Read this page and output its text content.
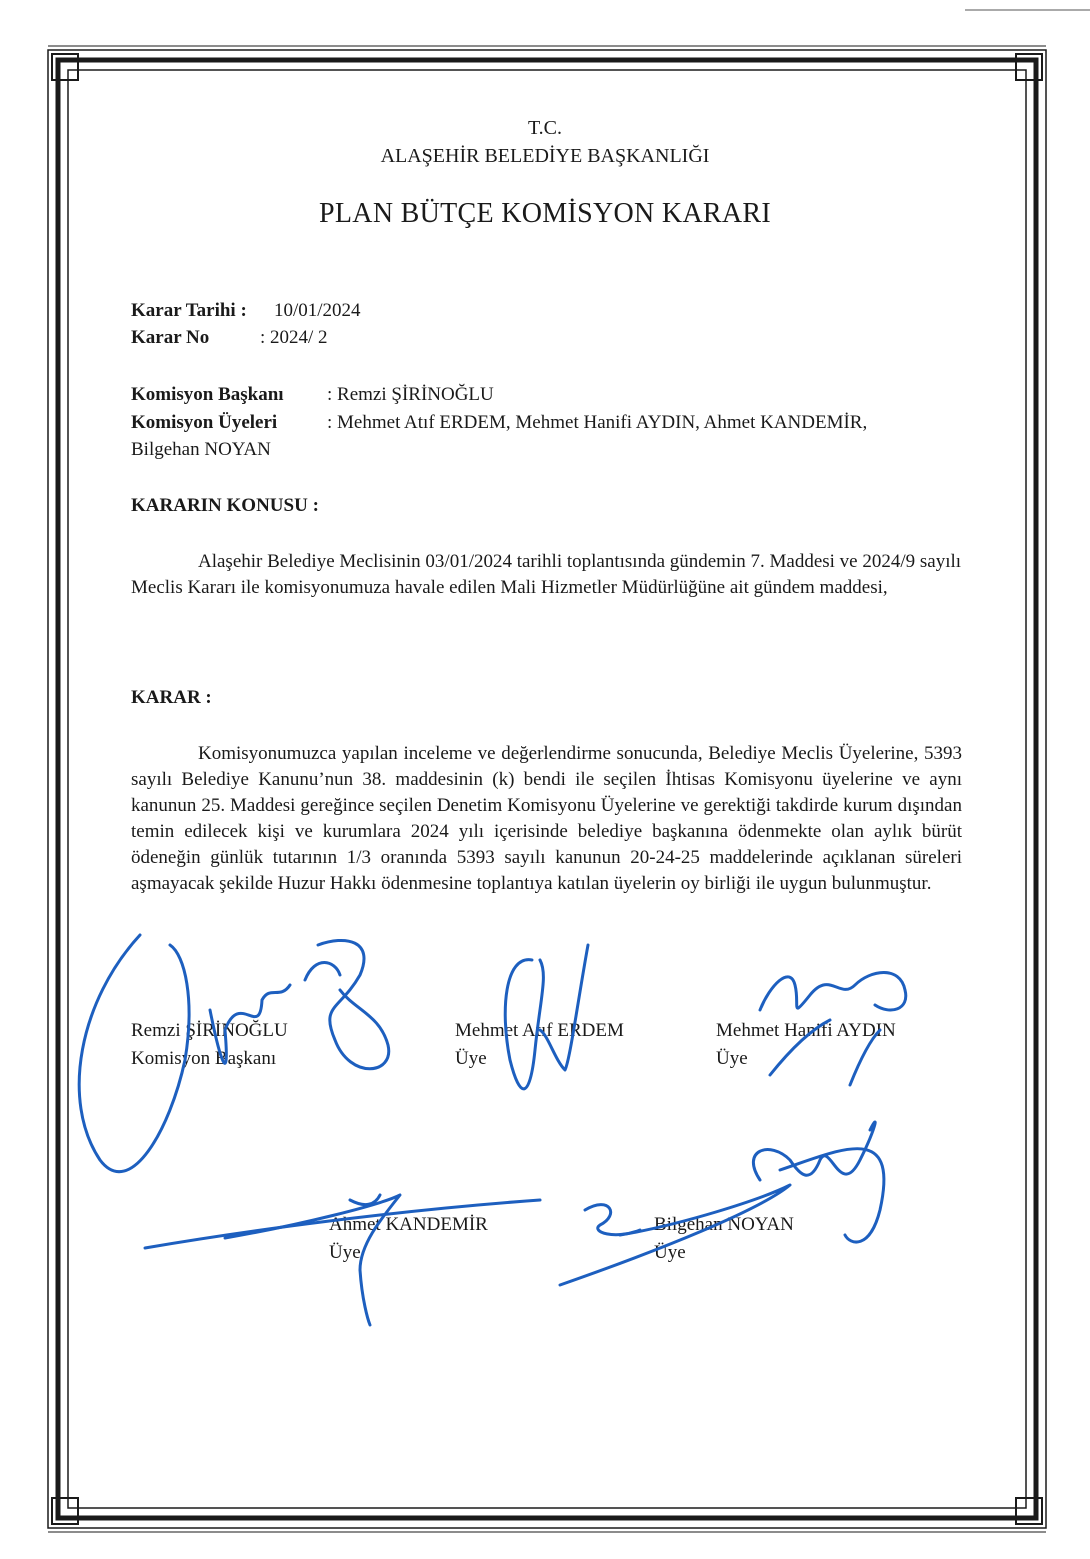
T.C.
ALAŞEHİR BELEDİYE BAŞKANLIĞI
PLAN BÜTÇE KOMİSYON KARARI
Karar Tarihi : 10/01/2024
Karar No	: 2024/ 2
Komisyon Başkanı : Remzi ŞİRİNOĞLU
Komisyon Üyeleri	: Mehmet Atıf ERDEM, Mehmet Hanifi AYDIN, Ahmet KANDEMİR,
Bilgehan NOYAN
KARARIN KONUSU :
Alaşehir Belediye Meclisinin 03/01/2024 tarihli toplantısında gündemin 7. Maddesi ve 2024/9 sayılı Meclis Kararı ile komisyonumuza havale edilen Mali Hizmetler Müdürlüğüne ait gündem maddesi,
KARAR :
Komisyonumuzca yapılan inceleme ve değerlendirme sonucunda, Belediye Meclis Üyelerine, 5393 sayılı Belediye Kanunu’nun 38. maddesinin (k) bendi ile seçilen İhtisas Komisyonu üyelerine ve aynı kanunun 25. Maddesi gereğince seçilen Denetim Komisyonu Üyelerine ve gerektiği takdirde kurum dışından temin edilecek kişi ve kurumlara 2024 yılı içerisinde belediye başkanına ödenmekte olan aylık bürüt ödeneğin günlük tutarının 1/3 oranında 5393 sayılı kanunun 20-24-25 maddelerinde açıklanan süreleri aşmayacak şekilde Huzur Hakkı ödenmesine toplantıya katılan üyelerin oy birliği ile uygun bulunmuştur.
Remzi ŞİRİNOĞLU
Komisyon Başkanı
Mehmet Atıf ERDEM
Üye
Mehmet Hanifi AYDIN
Üye
Ahmet KANDEMİR
Üye
Bilgehan NOYAN
Üye
